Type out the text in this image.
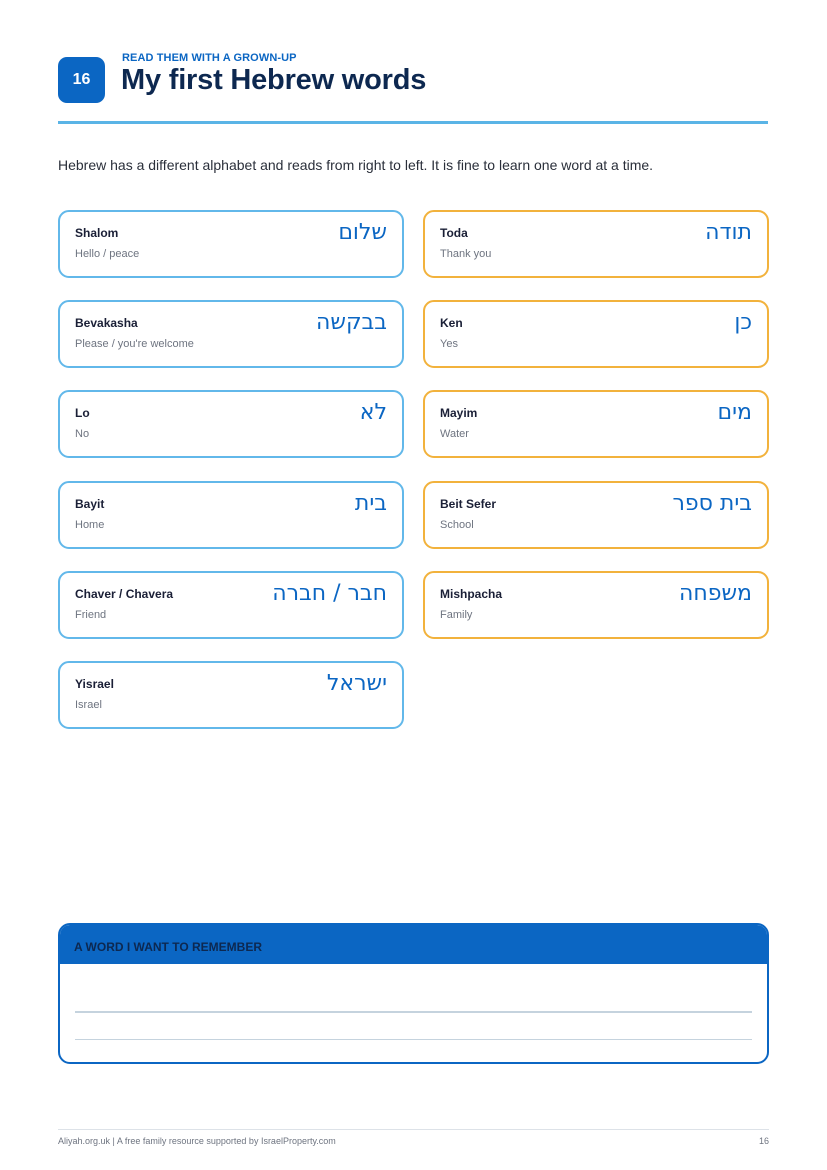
16
READ THEM WITH A GROWN-UP
My first Hebrew words
Hebrew has a different alphabet and reads from right to left. It is fine to learn one word at a time.
Shalom
Hello / peace
שלום	Toda
Thank you
תודה
Bevakasha
Please / you're welcome
בבקשה	Ken
Yes
כן
Lo
No
לא	Mayim
Water
מים
Bayit
Home
בית	Beit Sefer
School
בית ספר
Chaver / Chavera
Friend
חבר / חברה	Mishpacha
Family
משפחה
Yisrael
Israel
ישראל
A WORD I WANT TO REMEMBER
Aliyah.org.uk | A free family resource supported by IsraelProperty.com	16
